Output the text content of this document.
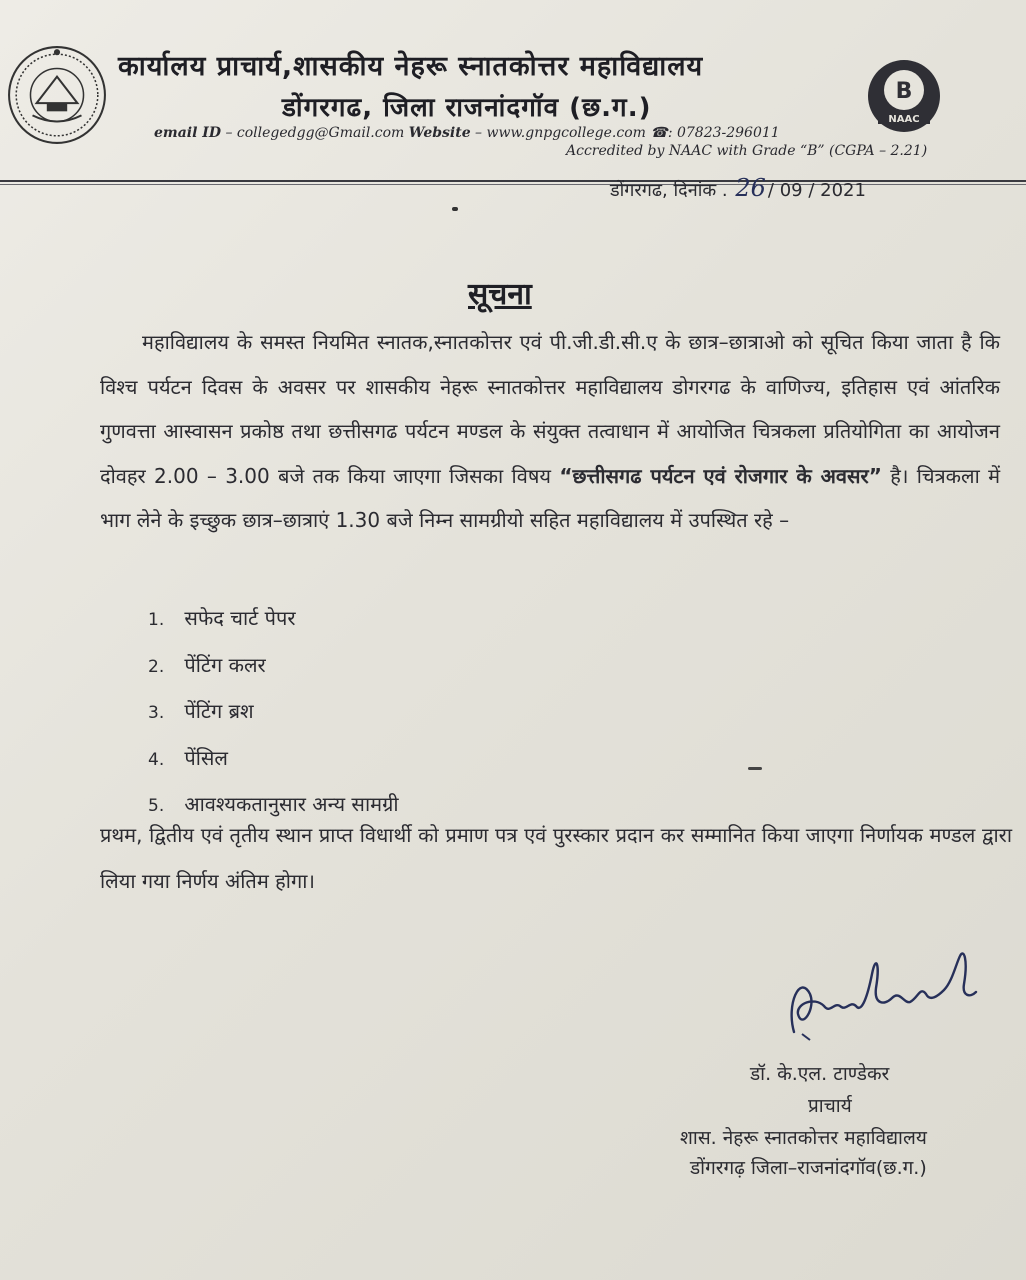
कार्यालय प्राचार्य,शासकीय नेहरू स्नातकोत्तर महाविद्यालय
डोंगरगढ, जिला राजनांदगॉव (छ.ग.)
email ID – collegedgg@Gmail.com Website – www.gnpgcollege.com ☎: 07823-296011
Accredited by NAAC with Grade “B” (CGPA – 2.21)
B
NAAC
डोंगरगढ, दिनांक . 26 / 09 / 2021
सूचना
महाविद्यालय के समस्त नियमित स्नातक,स्नातकोत्तर एवं पी.जी.डी.सी.ए के छात्र–छात्राओ को सूचित किया जाता है कि विश्च पर्यटन दिवस के अवसर पर शासकीय नेहरू स्नातकोत्तर महाविद्यालय डोगरगढ के वाणिज्य, इतिहास एवं आंतरिक गुणवत्ता आस्वासन प्रकोष्ठ तथा छत्तीसगढ पर्यटन मण्डल के संयुक्त तत्वाधान में आयोजित चित्रकला प्रतियोगिता का आयोजन दोवहर 2.00 – 3.00 बजे तक किया जाएगा जिसका विषय “छत्तीसगढ पर्यटन एवं रोजगार के अवसर” है। चित्रकला में भाग लेने के इच्छुक छात्र–छात्राएं 1.30 बजे निम्न सामग्रीयो सहित महाविद्यालय में उपस्थित रहे –
1. सफेद चार्ट पेपर
2. पेंटिंग कलर
3. पेंटिंग ब्रश
4. पेंसिल
5. आवश्यकतानुसार अन्य सामग्री
प्रथम, द्वितीय एवं तृतीय स्थान प्राप्त विधार्थी को प्रमाण पत्र एवं पुरस्कार प्रदान कर सम्मानित किया जाएगा निर्णायक मण्डल द्वारा लिया गया निर्णय अंतिम होगा।
डॉ. के.एल. टाण्डेकर
प्राचार्य
शास. नेहरू स्नातकोत्तर महाविद्यालय
डोंगरगढ़ जिला–राजनांदगॉव(छ.ग.)
